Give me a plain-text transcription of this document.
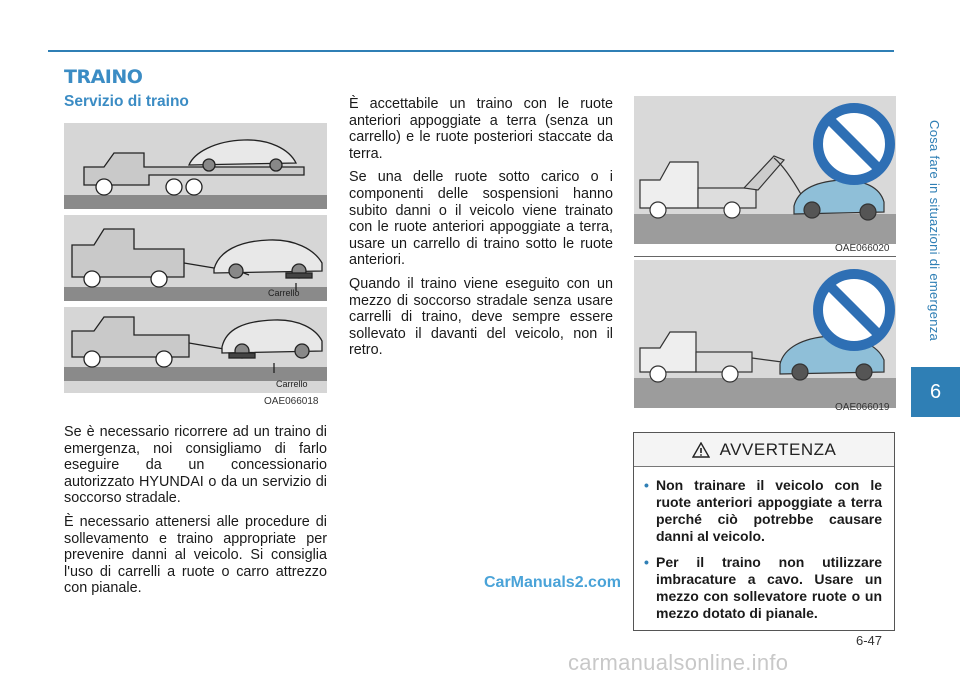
TRAINO
Servizio di traino
Carrello
Carrello
OAE066018

Se è necessario ricorrere ad un traino di emergenza, noi consigliamo di farlo eseguire da un concessionario autorizzato HYUNDAI o da un servizio di soccorso stradale.

È necessario attenersi alle procedure di sollevamento e traino appropriate per prevenire danni al veicolo. Si consiglia l'uso di carrelli a ruote o carro attrezzo con pianale.

È accettabile un traino con le ruote anteriori appoggiate a terra (senza un carrello) e le ruote posteriori staccate da terra.

Se una delle ruote sotto carico o i componenti delle sospensioni hanno subito danni o il veicolo viene trainato con le ruote anteriori appoggiate a terra, usare un carrello di traino sotto le ruote anteriori.

Quando il traino viene eseguito con un mezzo di soccorso stradale senza usare carrelli di traino, deve sempre essere sollevato il davanti del veicolo, non il retro.

OAE066020
OAE066019
AVVERTENZA
• Non trainare il veicolo con le ruote anteriori appoggiate a terra perché ciò potrebbe causare danni al veicolo.
• Per il traino non utilizzare imbracature a cavo. Usare un mezzo con sollevatore ruote o un mezzo dotato di pianale.
Cosa fare in situazioni di emergenza
6
6-47
CarManuals2.com
carmanualsonline.info
